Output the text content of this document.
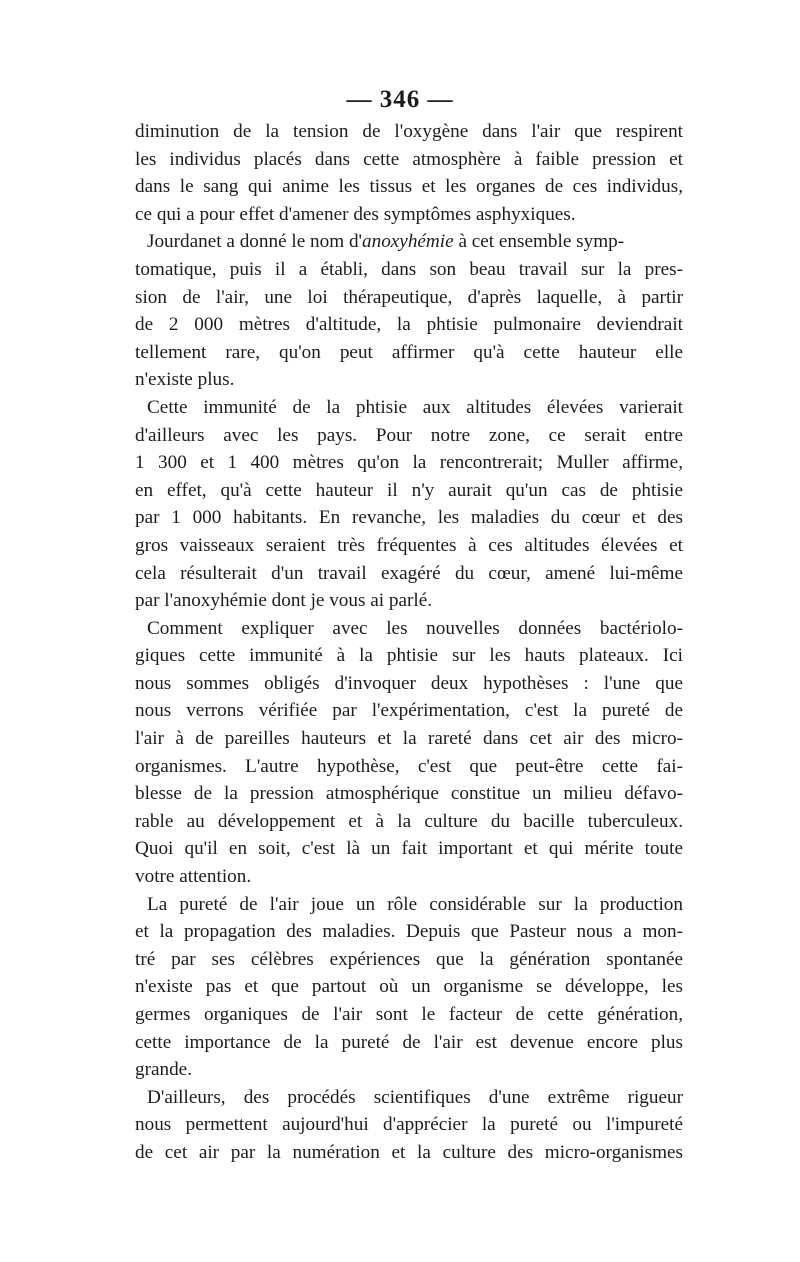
— 346 —
diminution de la tension de l'oxygène dans l'air que respirent
les individus placés dans cette atmosphère à faible pression et
dans le sang qui anime les tissus et les organes de ces individus,
ce qui a pour effet d'amener des symptômes asphyxiques.
Jourdanet a donné le nom d'anoxyhémie à cet ensemble symp-
tomatique, puis il a établi, dans son beau travail sur la pres-
sion de l'air, une loi thérapeutique, d'après laquelle, à partir
de 2 000 mètres d'altitude, la phtisie pulmonaire deviendrait
tellement rare, qu'on peut affirmer qu'à cette hauteur elle
n'existe plus.
Cette immunité de la phtisie aux altitudes élevées varierait
d'ailleurs avec les pays. Pour notre zone, ce serait entre
1 300 et 1 400 mètres qu'on la rencontrerait; Muller affirme,
en effet, qu'à cette hauteur il n'y aurait qu'un cas de phtisie
par 1 000 habitants. En revanche, les maladies du cœur et des
gros vaisseaux seraient très fréquentes à ces altitudes élevées et
cela résulterait d'un travail exagéré du cœur, amené lui-même
par l'anoxyhémie dont je vous ai parlé.
Comment expliquer avec les nouvelles données bactériolo-
giques cette immunité à la phtisie sur les hauts plateaux. Ici
nous sommes obligés d'invoquer deux hypothèses : l'une que
nous verrons vérifiée par l'expérimentation, c'est la pureté de
l'air à de pareilles hauteurs et la rareté dans cet air des micro-
organismes. L'autre hypothèse, c'est que peut-être cette fai-
blesse de la pression atmosphérique constitue un milieu défavo-
rable au développement et à la culture du bacille tuberculeux.
Quoi qu'il en soit, c'est là un fait important et qui mérite toute
votre attention.
La pureté de l'air joue un rôle considérable sur la production
et la propagation des maladies. Depuis que Pasteur nous a mon-
tré par ses célèbres expériences que la génération spontanée
n'existe pas et que partout où un organisme se développe, les
germes organiques de l'air sont le facteur de cette génération,
cette importance de la pureté de l'air est devenue encore plus
grande.
D'ailleurs, des procédés scientifiques d'une extrême rigueur
nous permettent aujourd'hui d'apprécier la pureté ou l'impureté
de cet air par la numération et la culture des micro-organismes
